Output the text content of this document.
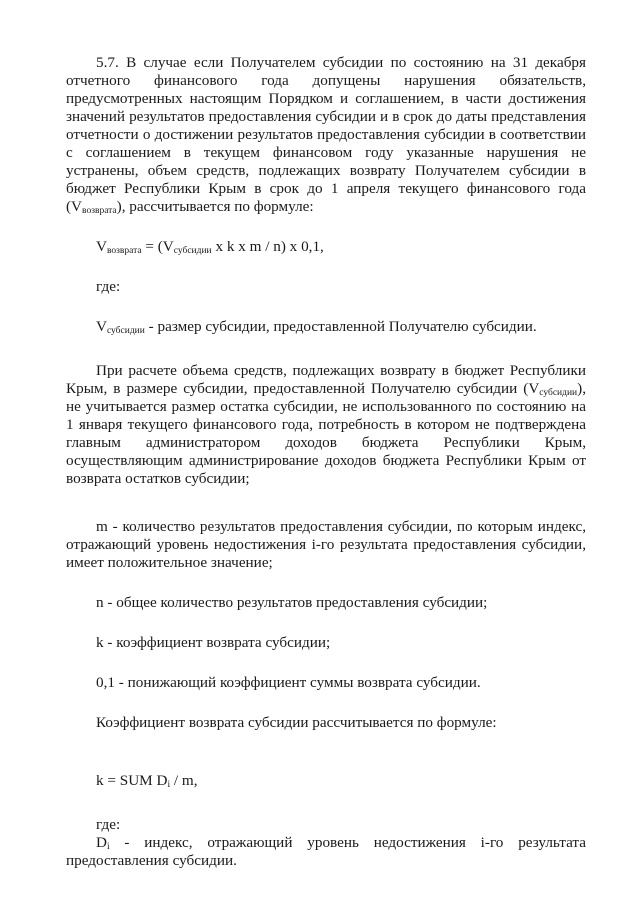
5.7. В случае если Получателем субсидии по состоянию на 31 декабря отчетного финансового года допущены нарушения обязательств, предусмотренных настоящим Порядком и соглашением, в части достижения значений результатов предоставления субсидии и в срок до даты представления отчетности о достижении результатов предоставления субсидии в соответствии с соглашением в текущем финансовом году указанные нарушения не устранены, объем средств, подлежащих возврату Получателем субсидии в бюджет Республики Крым в срок до 1 апреля текущего финансового года $(V_{возврата})$, рассчитывается по формуле:

$V_{возврата} = (V_{субсидии}$ x k x m / n) x 0,1,

где:

$V_{субсидии}$ - размер субсидии, предоставленной Получателю субсидии.

При расчете объема средств, подлежащих возврату в бюджет Республики Крым, в размере субсидии, предоставленной Получателю субсидии $(V_{субсидии})$, не учитывается размер остатка субсидии, не использованного по состоянию на 1 января текущего финансового года, потребность в котором не подтверждена главным администратором доходов бюджета Республики Крым, осуществляющим администрирование доходов бюджета Республики Крым от возврата остатков субсидии;

m - количество результатов предоставления субсидии, по которым индекс, отражающий уровень недостижения i-го результата предоставления субсидии, имеет положительное значение;

n - общее количество результатов предоставления субсидии;

k - коэффициент возврата субсидии;

0,1 - понижающий коэффициент суммы возврата субсидии.

Коэффициент возврата субсидии рассчитывается по формуле:

k = SUM $D_i$ / m,

где:

$D_i$ - индекс, отражающий уровень недостижения i-го результата предоставления субсидии.
